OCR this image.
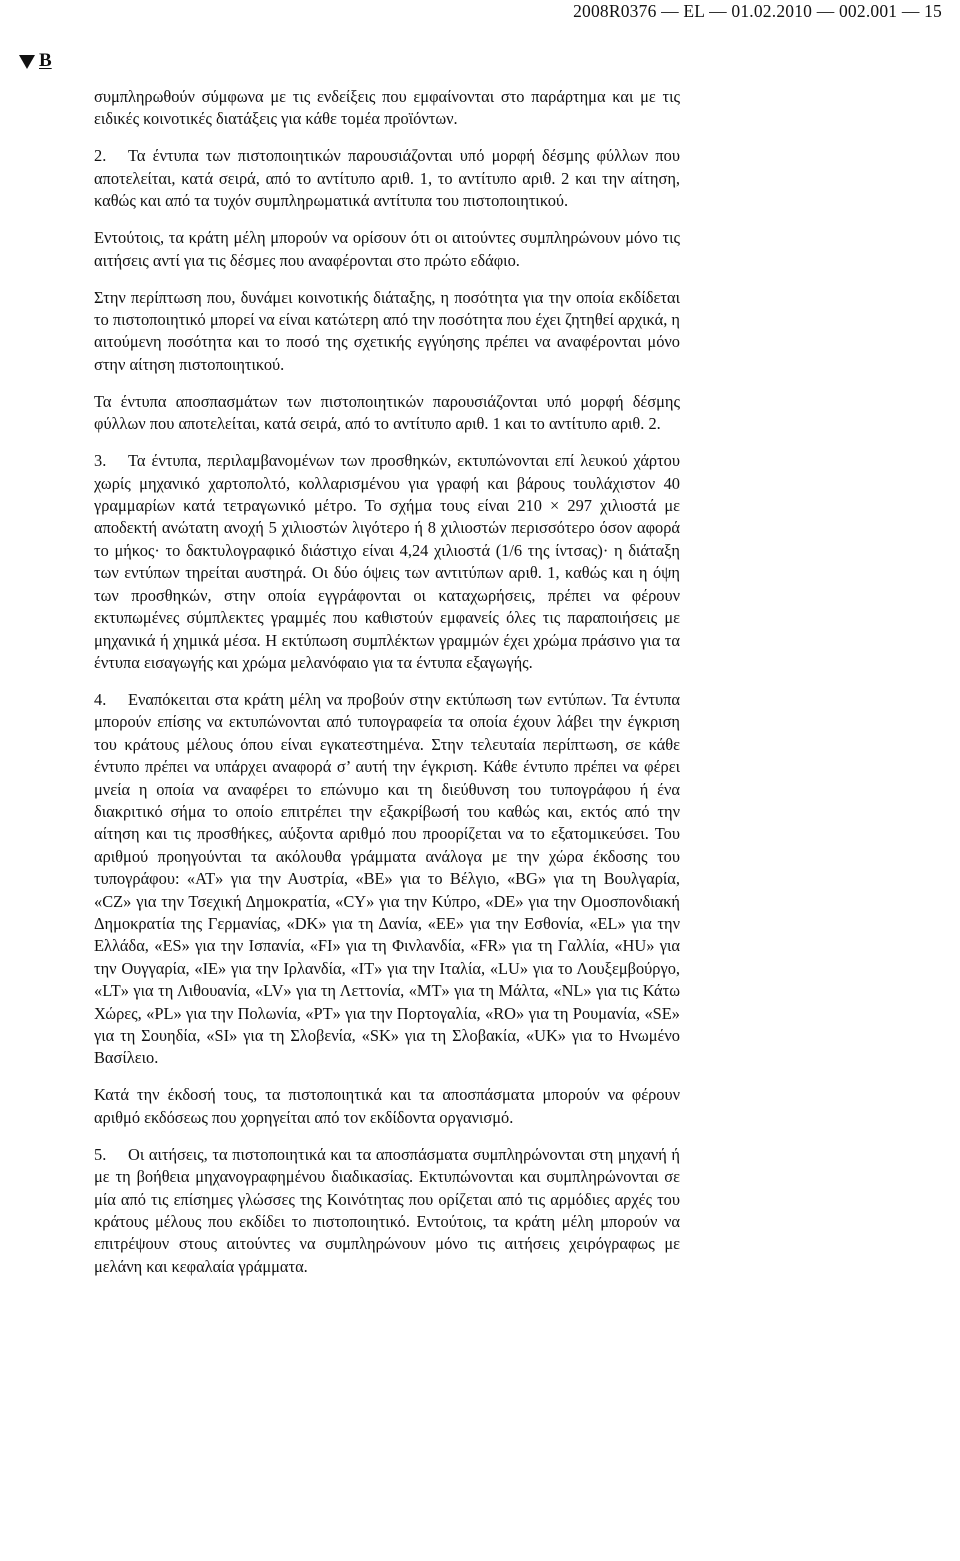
2008R0376 — EL — 01.02.2010 — 002.001 — 15
B

συμπληρωθούν σύμφωνα με τις ενδείξεις που εμφαίνονται στο παράρτημα και με τις ειδικές κοινοτικές διατάξεις για κάθε τομέα προϊόντων.

2. Τα έντυπα των πιστοποιητικών παρουσιάζονται υπό μορφή δέσμης φύλλων που αποτελείται, κατά σειρά, από το αντίτυπο αριθ. 1, το αντίτυπο αριθ. 2 και την αίτηση, καθώς και από τα τυχόν συμπληρωματικά αντίτυπα του πιστοποιητικού.

Εντούτοις, τα κράτη μέλη μπορούν να ορίσουν ότι οι αιτούντες συμπληρώνουν μόνο τις αιτήσεις αντί για τις δέσμες που αναφέρονται στο πρώτο εδάφιο.

Στην περίπτωση που, δυνάμει κοινοτικής διάταξης, η ποσότητα για την οποία εκδίδεται το πιστοποιητικό μπορεί να είναι κατώτερη από την ποσότητα που έχει ζητηθεί αρχικά, η αιτούμενη ποσότητα και το ποσό της σχετικής εγγύησης πρέπει να αναφέρονται μόνο στην αίτηση πιστοποιητικού.

Τα έντυπα αποσπασμάτων των πιστοποιητικών παρουσιάζονται υπό μορφή δέσμης φύλλων που αποτελείται, κατά σειρά, από το αντίτυπο αριθ. 1 και το αντίτυπο αριθ. 2.

3. Τα έντυπα, περιλαμβανομένων των προσθηκών, εκτυπώνονται επί λευκού χάρτου χωρίς μηχανικό χαρτοπολτό, κολλαρισμένου για γραφή και βάρους τουλάχιστον 40 γραμμαρίων κατά τετραγωνικό μέτρο. Το σχήμα τους είναι 210 × 297 χιλιοστά με αποδεκτή ανώτατη ανοχή 5 χιλιοστών λιγότερο ή 8 χιλιοστών περισσότερο όσον αφορά το μήκος· το δακτυλογραφικό διάστιχο είναι 4,24 χιλιοστά (1/6 της ίντσας)· η διάταξη των εντύπων τηρείται αυστηρά. Οι δύο όψεις των αντιτύπων αριθ. 1, καθώς και η όψη των προσθηκών, στην οποία εγγράφονται οι καταχωρήσεις, πρέπει να φέρουν εκτυπωμένες σύμπλεκτες γραμμές που καθιστούν εμφανείς όλες τις παραποιήσεις με μηχανικά ή χημικά μέσα. Η εκτύπωση συμπλέκτων γραμμών έχει χρώμα πράσινο για τα έντυπα εισαγωγής και χρώμα μελανόφαιο για τα έντυπα εξαγωγής.

4. Εναπόκειται στα κράτη μέλη να προβούν στην εκτύπωση των εντύπων. Τα έντυπα μπορούν επίσης να εκτυπώνονται από τυπογραφεία τα οποία έχουν λάβει την έγκριση του κράτους μέλους όπου είναι εγκατεστημένα. Στην τελευταία περίπτωση, σε κάθε έντυπο πρέπει να υπάρχει αναφορά σ’ αυτή την έγκριση. Κάθε έντυπο πρέπει να φέρει μνεία η οποία να αναφέρει το επώνυμο και τη διεύθυνση του τυπογράφου ή ένα διακριτικό σήμα το οποίο επιτρέπει την εξακρίβωσή του καθώς και, εκτός από την αίτηση και τις προσθήκες, αύξοντα αριθμό που προορίζεται να το εξατομικεύσει. Του αριθμού προηγούνται τα ακόλουθα γράμματα ανάλογα με την χώρα έκδοσης του τυπογράφου: «AT» για την Αυστρία, «BE» για το Βέλγιο, «BG» για τη Βουλγαρία, «CZ» για την Τσεχική Δημοκρατία, «CY» για την Κύπρο, «DE» για την Ομοσπονδιακή Δημοκρατία της Γερμανίας, «DK» για τη Δανία, «EE» για την Εσθονία, «EL» για την Ελλάδα, «ES» για την Ισπανία, «FI» για τη Φινλανδία, «FR» για τη Γαλλία, «HU» για την Ουγγαρία, «IE» για την Ιρλανδία, «IT» για την Ιταλία, «LU» για το Λουξεμβούργο, «LT» για τη Λιθουανία, «LV» για τη Λεττονία, «MT» για τη Μάλτα, «NL» για τις Κάτω Χώρες, «PL» για την Πολωνία, «PT» για την Πορτογαλία, «RO» για τη Ρουμανία, «SE» για τη Σουηδία, «SI» για τη Σλοβενία, «SK» για τη Σλοβακία, «UK» για το Ηνωμένο Βασίλειο.

Κατά την έκδοσή τους, τα πιστοποιητικά και τα αποσπάσματα μπορούν να φέρουν αριθμό εκδόσεως που χορηγείται από τον εκδίδοντα οργανισμό.

5. Οι αιτήσεις, τα πιστοποιητικά και τα αποσπάσματα συμπληρώνονται στη μηχανή ή με τη βοήθεια μηχανογραφημένου διαδικασίας. Εκτυπώνονται και συμπληρώνονται σε μία από τις επίσημες γλώσσες της Κοινότητας που ορίζεται από τις αρμόδιες αρχές του κράτους μέλους που εκδίδει το πιστοποιητικό. Εντούτοις, τα κράτη μέλη μπορούν να επιτρέψουν στους αιτούντες να συμπληρώνουν μόνο τις αιτήσεις χειρόγραφως με μελάνη και κεφαλαία γράμματα.
